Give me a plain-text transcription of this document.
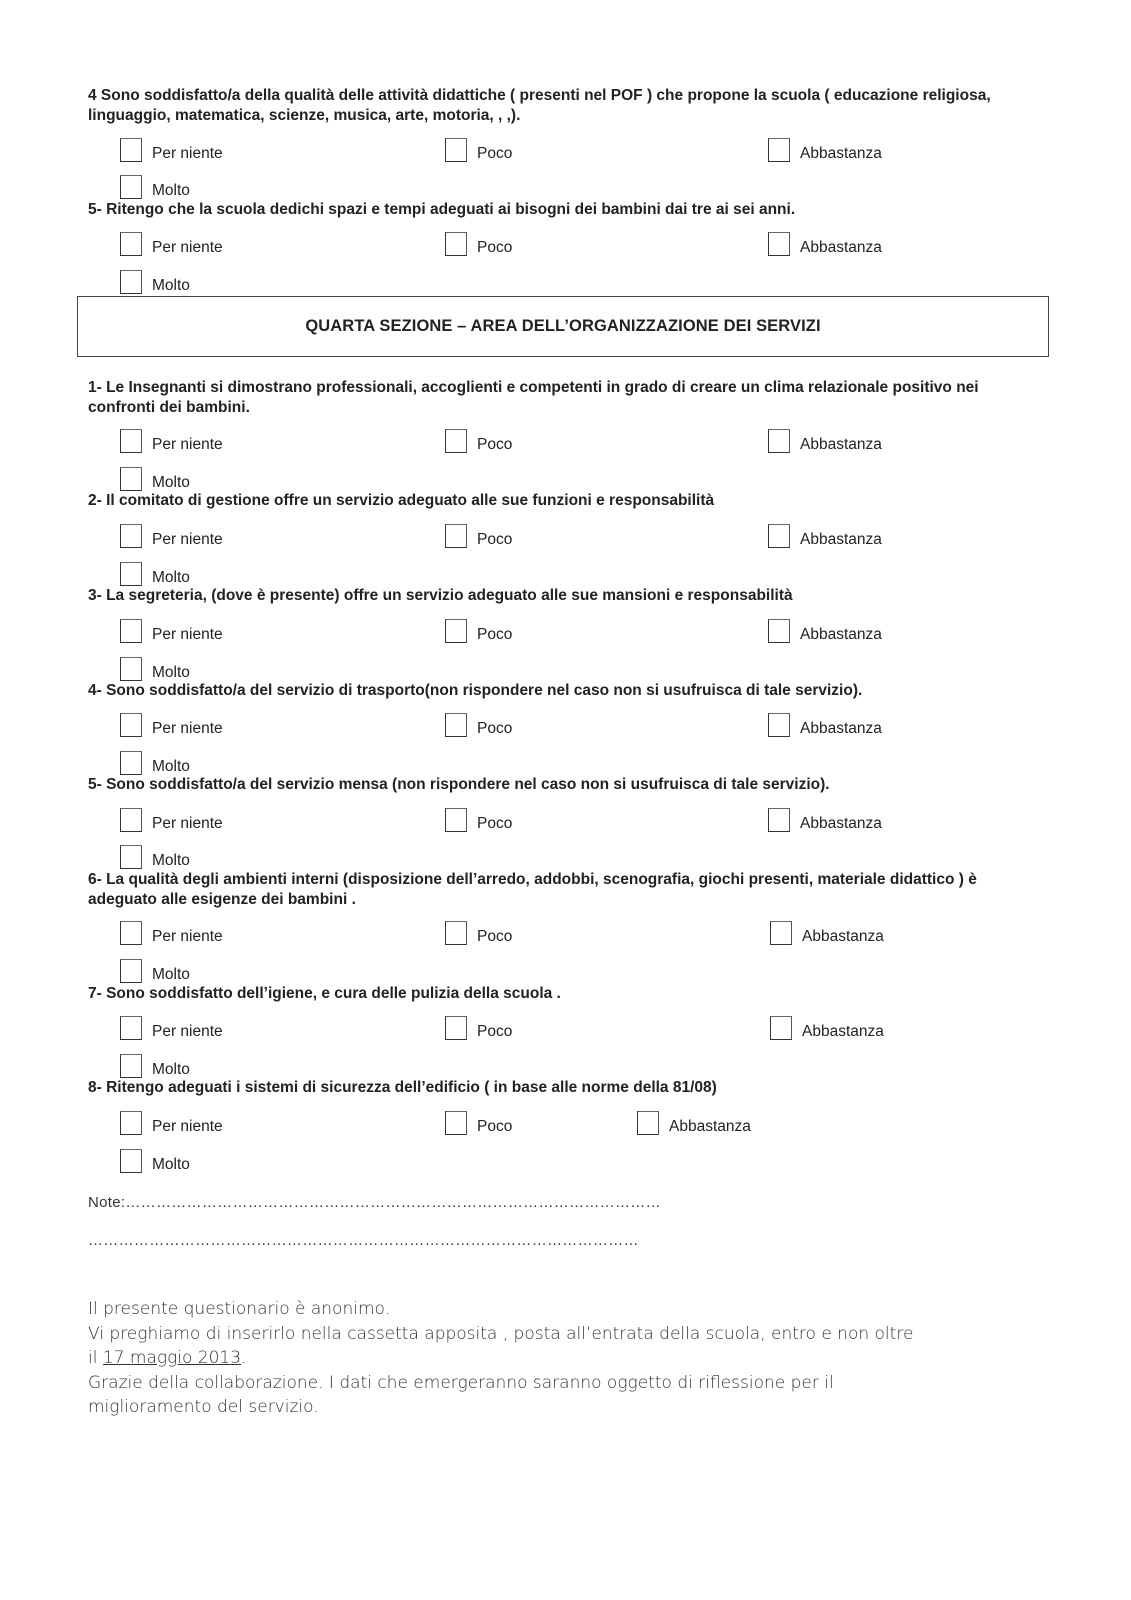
4 Sono soddisfatto/a della qualità delle attività didattiche ( presenti nel POF ) che propone la scuola ( educazione religiosa, linguaggio, matematica, scienze, musica, arte, motoria, , ,).
Per niente	Poco	Abbastanza
Molto
5- Ritengo che la scuola dedichi spazi e tempi adeguati ai bisogni dei bambini dai tre ai sei anni.
Per niente	Poco	Abbastanza
Molto
QUARTA SEZIONE – AREA DELL’ORGANIZZAZIONE DEI SERVIZI
1- Le Insegnanti si dimostrano professionali, accoglienti e competenti in grado di creare un clima relazionale positivo nei confronti dei bambini.
Per niente	Poco	Abbastanza
Molto
2- Il comitato di gestione offre un servizio adeguato alle sue funzioni e responsabilità
Per niente	Poco	Abbastanza
Molto
3- La segreteria, (dove è presente) offre un servizio adeguato alle sue mansioni e responsabilità
Per niente	Poco	Abbastanza
Molto
4- Sono soddisfatto/a del servizio di trasporto(non rispondere nel caso non si usufruisca di tale servizio).
Per niente	Poco	Abbastanza
Molto
5- Sono soddisfatto/a del servizio mensa (non rispondere nel caso non si usufruisca di tale servizio).
Per niente	Poco	Abbastanza
Molto
6- La qualità degli ambienti interni (disposizione dell’arredo, addobbi, scenografia, giochi presenti, materiale didattico ) è adeguato alle esigenze dei bambini .
Per niente	Poco	Abbastanza
Molto
7- Sono soddisfatto dell’igiene, e cura delle pulizia della scuola .
Per niente	Poco	Abbastanza
Molto
8- Ritengo adeguati i sistemi di sicurezza dell’edificio ( in base alle norme della 81/08)
Per niente	Poco	Abbastanza
Molto
Note:……………………………………………………………………………………………
………………………………………………………………………………………………
Il presente questionario è anonimo.
Vi preghiamo di inserirlo nella cassetta apposita , posta all’entrata della scuola, entro e non oltre
il 17 maggio 2013.
Grazie della collaborazione. I dati che emergeranno saranno oggetto di riflessione per il
miglioramento del servizio.
